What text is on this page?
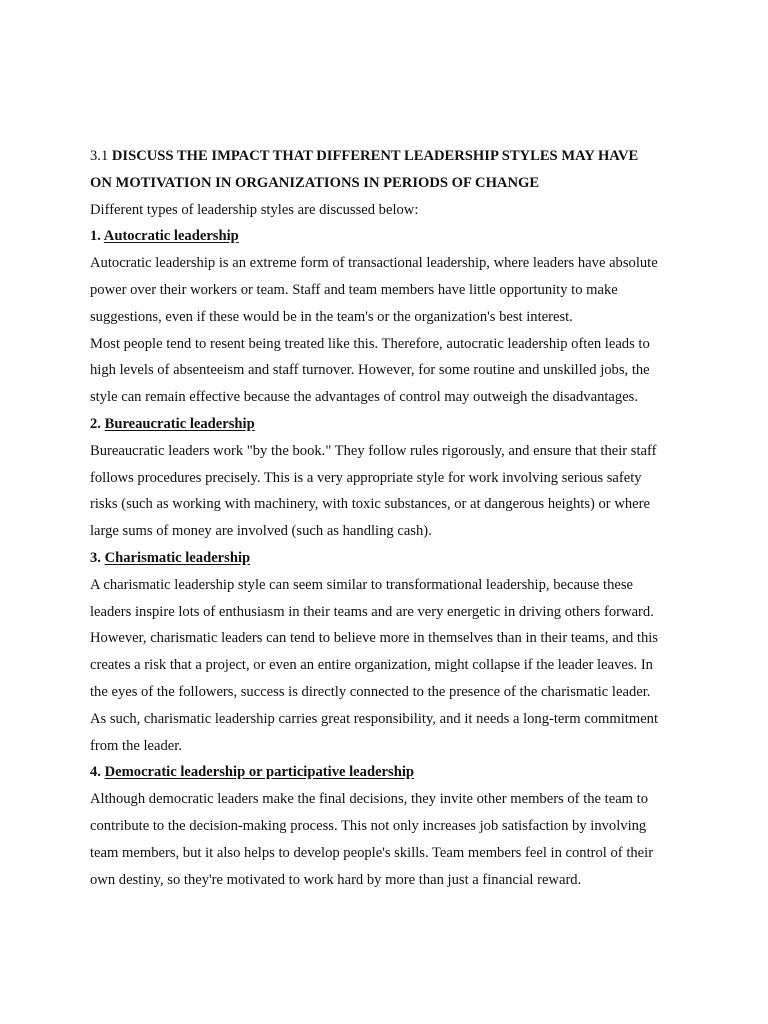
3.1 DISCUSS THE IMPACT THAT DIFFERENT LEADERSHIP STYLES MAY HAVE
ON MOTIVATION IN ORGANIZATIONS IN PERIODS OF CHANGE
Different types of leadership styles are discussed below:
1. Autocratic leadership
Autocratic leadership is an extreme form of transactional leadership, where leaders have absolute
power over their workers or team. Staff and team members have little opportunity to make
suggestions, even if these would be in the team's or the organization's best interest.
Most people tend to resent being treated like this. Therefore, autocratic leadership often leads to
high levels of absenteeism and staff turnover. However, for some routine and unskilled jobs, the
style can remain effective because the advantages of control may outweigh the disadvantages.
2. Bureaucratic leadership
Bureaucratic leaders work "by the book." They follow rules rigorously, and ensure that their staff
follows procedures precisely. This is a very appropriate style for work involving serious safety
risks (such as working with machinery, with toxic substances, or at dangerous heights) or where
large sums of money are involved (such as handling cash).
3. Charismatic leadership
A charismatic leadership style can seem similar to transformational leadership, because these
leaders inspire lots of enthusiasm in their teams and are very energetic in driving others forward.
However, charismatic leaders can tend to believe more in themselves than in their teams, and this
creates a risk that a project, or even an entire organization, might collapse if the leader leaves. In
the eyes of the followers, success is directly connected to the presence of the charismatic leader.
As such, charismatic leadership carries great responsibility, and it needs a long-term commitment
from the leader.
4. Democratic leadership or participative leadership
Although democratic leaders make the final decisions, they invite other members of the team to
contribute to the decision-making process. This not only increases job satisfaction by involving
team members, but it also helps to develop people's skills. Team members feel in control of their
own destiny, so they're motivated to work hard by more than just a financial reward.
